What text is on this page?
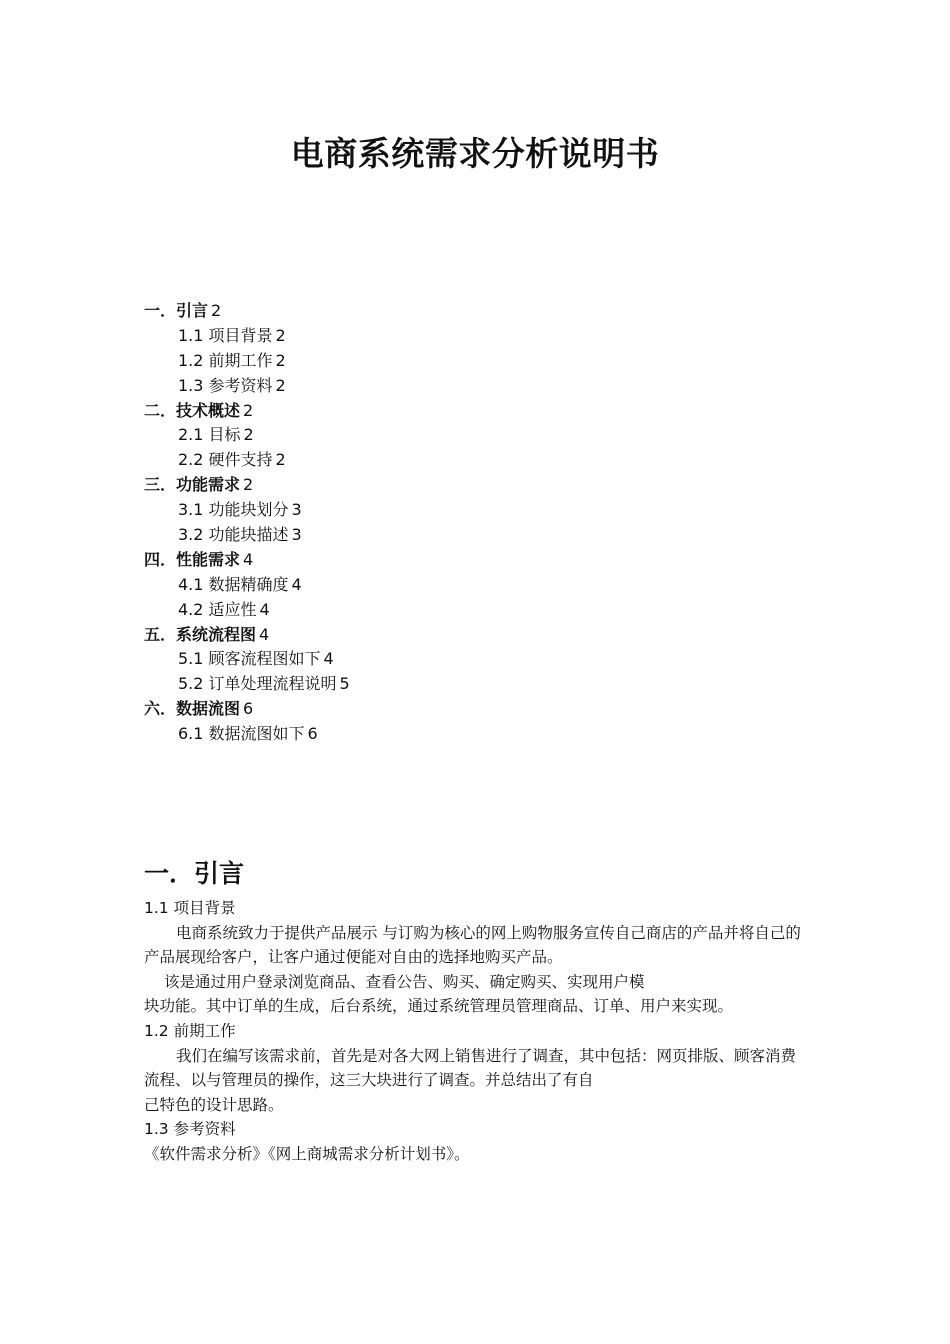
电商系统需求分析说明书
一．引言 2
1.1 项目背景 2
1.2 前期工作 2
1.3 参考资料 2
二．技术概述 2
2.1 目标 2
2.2 硬件支持 2
三．功能需求 2
3.1 功能块划分 3
3.2 功能块描述 3
四．性能需求 4
4.1 数据精确度 4
4.2 适应性 4
五．系统流程图 4
5.1 顾客流程图如下 4
5.2 订单处理流程说明 5
六．数据流图 6
6.1 数据流图如下 6
一．引言
1.1 项目背景

电商系统致力于提供产品展示 与订购为核心的网上购物服务宣传自己商店的产品并将自己的产品展现给客户，让客户通过便能对自由的选择地购买产品。

该是通过用户登录浏览商品、查看公告、购买、确定购买、实现用户模
块功能。其中订单的生成，后台系统，通过系统管理员管理商品、订单、用户来实现。
1.2 前期工作

我们在编写该需求前，首先是对各大网上销售进行了调查，其中包括：网页排版、顾客消费流程、以与管理员的操作，这三大块进行了调查。并总结出了有自

己特色的设计思路。
1.3 参考资料
《软件需求分析》《网上商城需求分析计划书》。
